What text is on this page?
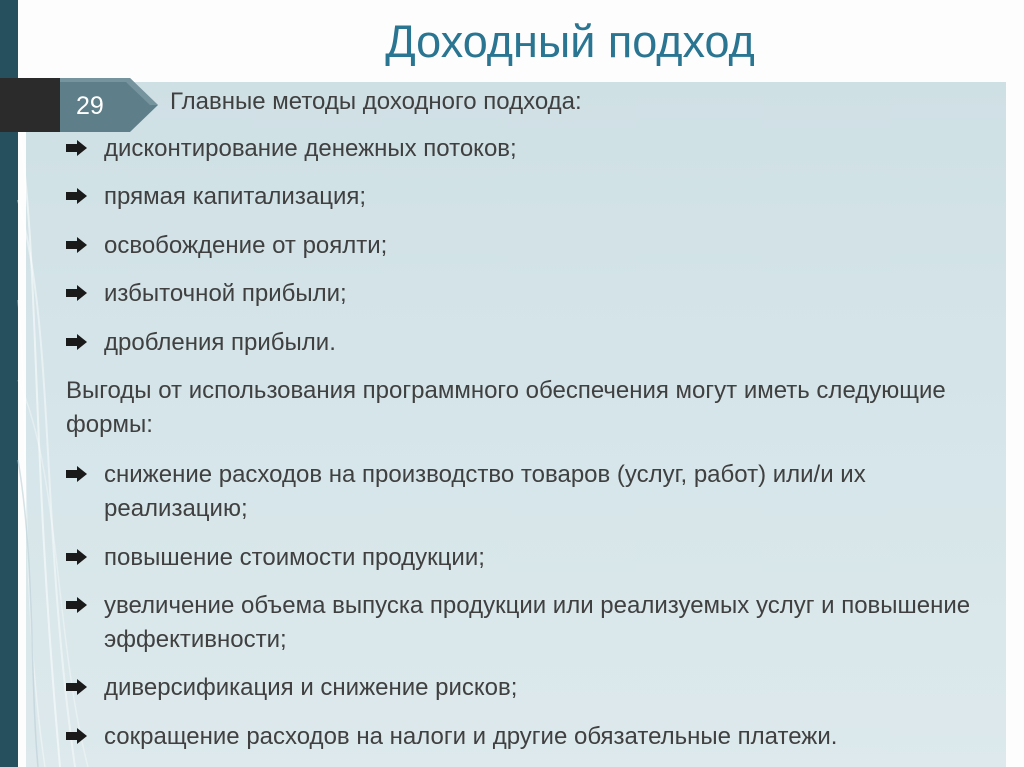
Доходный подход
29	Главные методы доходного подхода:
дисконтирование денежных потоков;
прямая капитализация;
освобождение от роялти;
избыточной прибыли;
дробления прибыли.
Выгоды от использования программного обеспечения могут иметь следующие формы:
снижение расходов на производство товаров (услуг, работ) или/и их реализацию;
повышение стоимости продукции;
увеличение объема выпуска продукции или реализуемых услуг и повышение эффективности;
диверсификация и снижение рисков;
сокращение расходов на налоги и другие обязательные платежи.
